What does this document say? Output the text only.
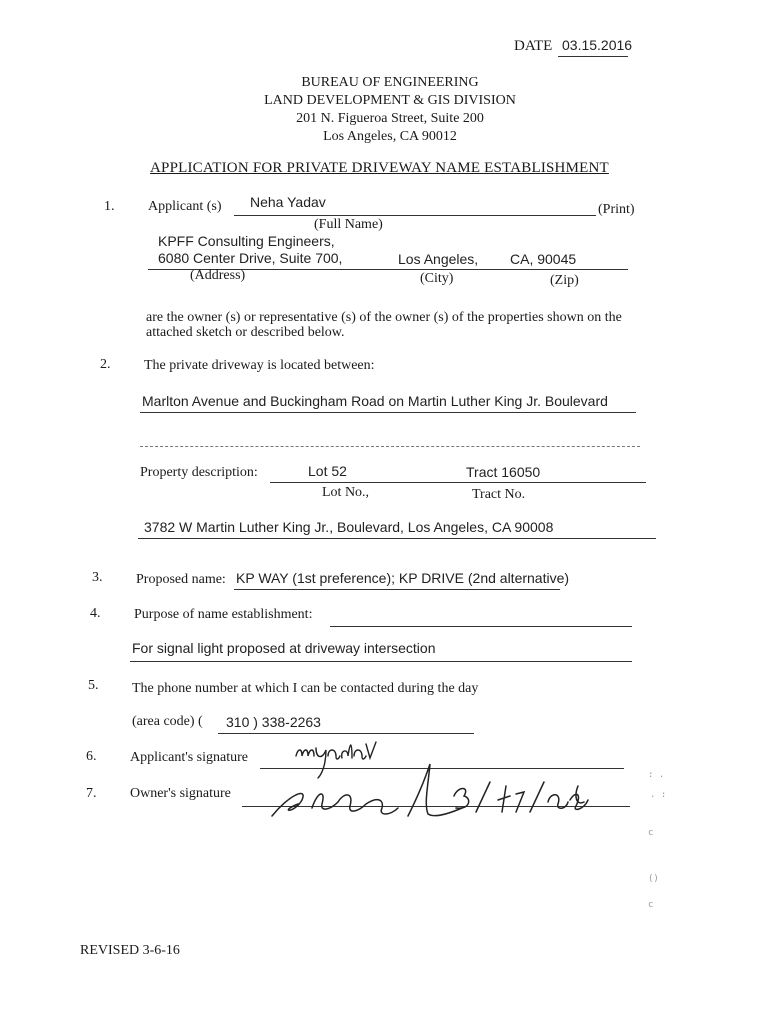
DATE 03.15.2016
BUREAU OF ENGINEERING
LAND DEVELOPMENT & GIS DIVISION
201 N. Figueroa Street, Suite 200
Los Angeles, CA 90012
APPLICATION FOR PRIVATE DRIVEWAY NAME ESTABLISHMENT
1. Applicant (s) Neha Yadav	(Print)
(Full Name)
KPFF Consulting Engineers,
6080 Center Drive, Suite 700,	Los Angeles, CA, 90045
(Address)	(City)	(Zip)
are the owner (s) or representative (s) of the owner (s) of the properties shown on the
attached sketch or described below.
2. The private driveway is located between:
Marlton Avenue and Buckingham Road on Martin Luther King Jr. Boulevard
Property description:	Lot 52	Tract 16050
Lot No.,	Tract No.
3782 W Martin Luther King Jr., Boulevard, Los Angeles, CA 90008
3. Proposed name: KP WAY (1st preference); KP DRIVE (2nd alternative)
4. Purpose of name establishment:
For signal light proposed at driveway intersection
5. The phone number at which I can be contacted during the day
(area code) ( 310 ) 338-2263
6. Applicant's signature
7. Owner's signature
: .
. :
c
()
c
REVISED 3-6-16
